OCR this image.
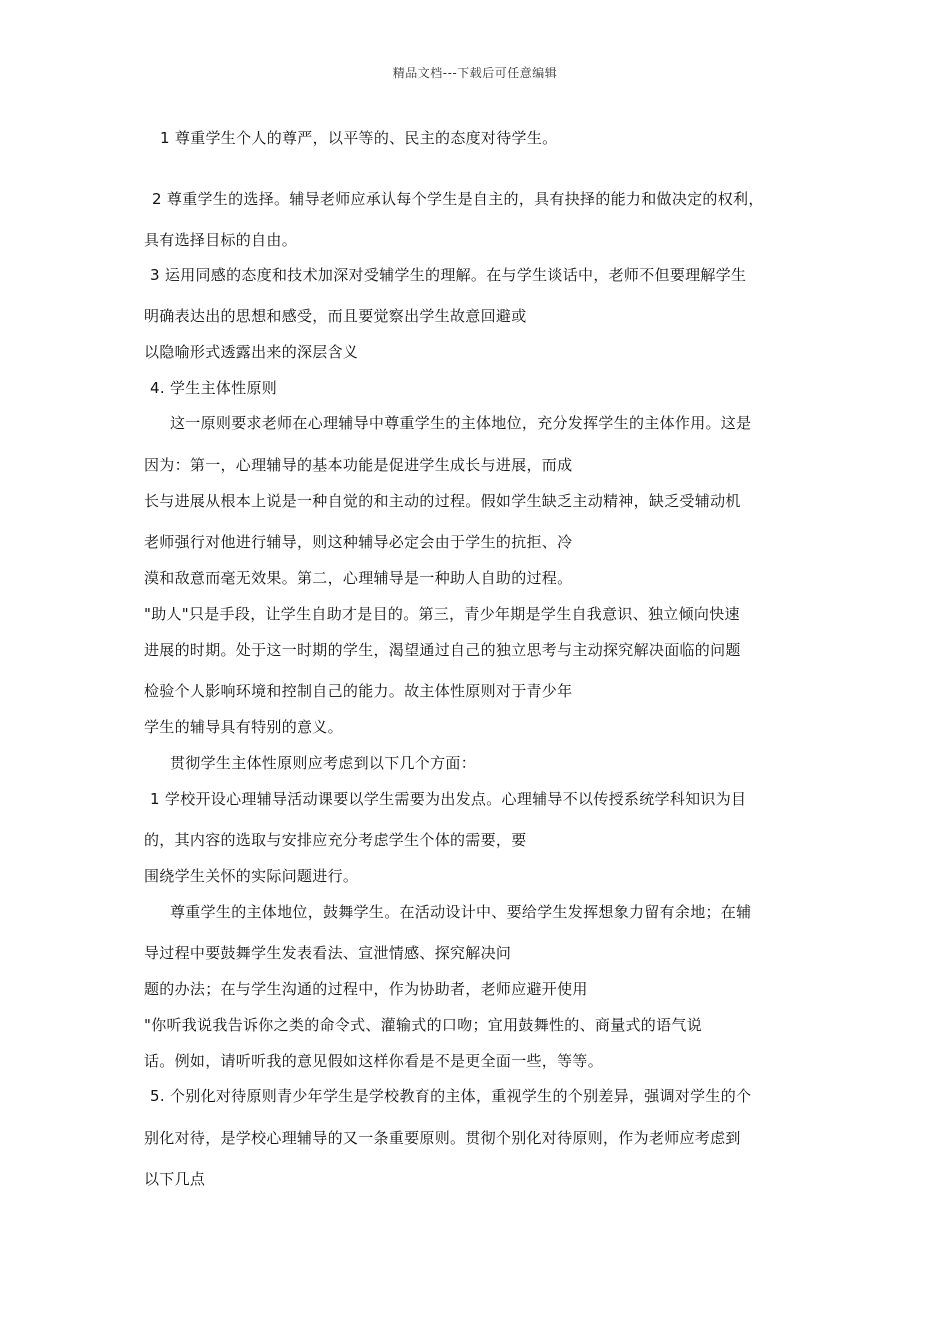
精品文档---下载后可任意编辑
1 尊重学生个人的尊严，以平等的、民主的态度对待学生。
2 尊重学生的选择。辅导老师应承认每个学生是自主的，具有抉择的能力和做决定的权利，
具有选择目标的自由。
3 运用同感的态度和技术加深对受辅学生的理解。在与学生谈话中，老师不但要理解学生
明确表达出的思想和感受，而且要觉察出学生故意回避或
以隐喻形式透露出来的深层含义
4. 学生主体性原则
这一原则要求老师在心理辅导中尊重学生的主体地位，充分发挥学生的主体作用。这是
因为：第一，心理辅导的基本功能是促进学生成长与进展，而成
长与进展从根本上说是一种自觉的和主动的过程。假如学生缺乏主动精神，缺乏受辅动机
老师强行对他进行辅导，则这种辅导必定会由于学生的抗拒、冷
漠和敌意而毫无效果。第二，心理辅导是一种助人自助的过程。
"助人"只是手段，让学生自助才是目的。第三，青少年期是学生自我意识、独立倾向快速
进展的时期。处于这一时期的学生，渴望通过自己的独立思考与主动探究解决面临的问题
检验个人影响环境和控制自己的能力。故主体性原则对于青少年
学生的辅导具有特别的意义。
贯彻学生主体性原则应考虑到以下几个方面：
1 学校开设心理辅导活动课要以学生需要为出发点。心理辅导不以传授系统学科知识为目
的，其内容的选取与安排应充分考虑学生个体的需要，要
围绕学生关怀的实际问题进行。
尊重学生的主体地位，鼓舞学生。在活动设计中、要给学生发挥想象力留有余地；在辅
导过程中要鼓舞学生发表看法、宣泄情感、探究解决问
题的办法；在与学生沟通的过程中，作为协助者，老师应避开使用
"你听我说我告诉你之类的命令式、灌输式的口吻；宜用鼓舞性的、商量式的语气说
话。例如，请听听我的意见假如这样你看是不是更全面一些，等等。
5. 个别化对待原则青少年学生是学校教育的主体，重视学生的个别差异，强调对学生的个
别化对待，是学校心理辅导的又一条重要原则。贯彻个别化对待原则，作为老师应考虑到
以下几点
